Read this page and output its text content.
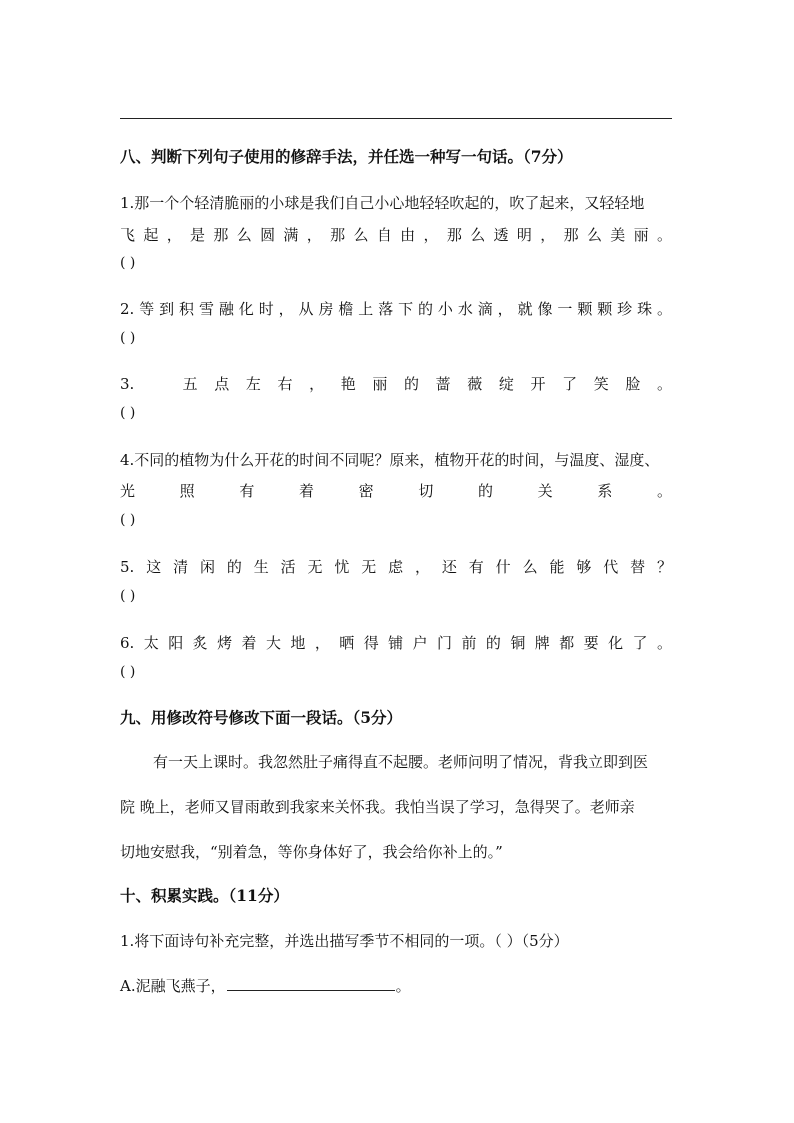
八、判断下列句子使用的修辞手法，并任选一种写一句话。（7分）
1.那一个个轻清脆丽的小球是我们自己小心地轻轻吹起的，吹了起来，又轻轻地
飞起，是那么圆满，那么自由，那么透明，那么美丽。
( )
2.等到积雪融化时，从房檐上落下的小水滴，就像一颗颗珍珠。
( )
3.　五点左右，艳丽的蔷薇绽开了笑脸。
( )
4.不同的植物为什么开花的时间不同呢？原来，植物开花的时间，与温度、湿度、
光照有着密切的关系。
( )
5.这清闲的生活无忧无虑，还有什么能够代替？
( )
6.太阳炙烤着大地，晒得铺户门前的铜牌都要化了。
( )
九、用修改符号修改下面一段话。（5分）
有一天上课时。我忽然肚子痛得直不起腰。老师问明了情况，背我立即到医
院 晚上，老师又冒雨敢到我家来关怀我。我怕当误了学习，急得哭了。老师亲
切地安慰我，“别着急，等你身体好了，我会给你补上的。”
十、积累实践。（11分）
1.将下面诗句补充完整，并选出描写季节不相同的一项。（ ）（5分）
A.泥融飞燕子，	。
